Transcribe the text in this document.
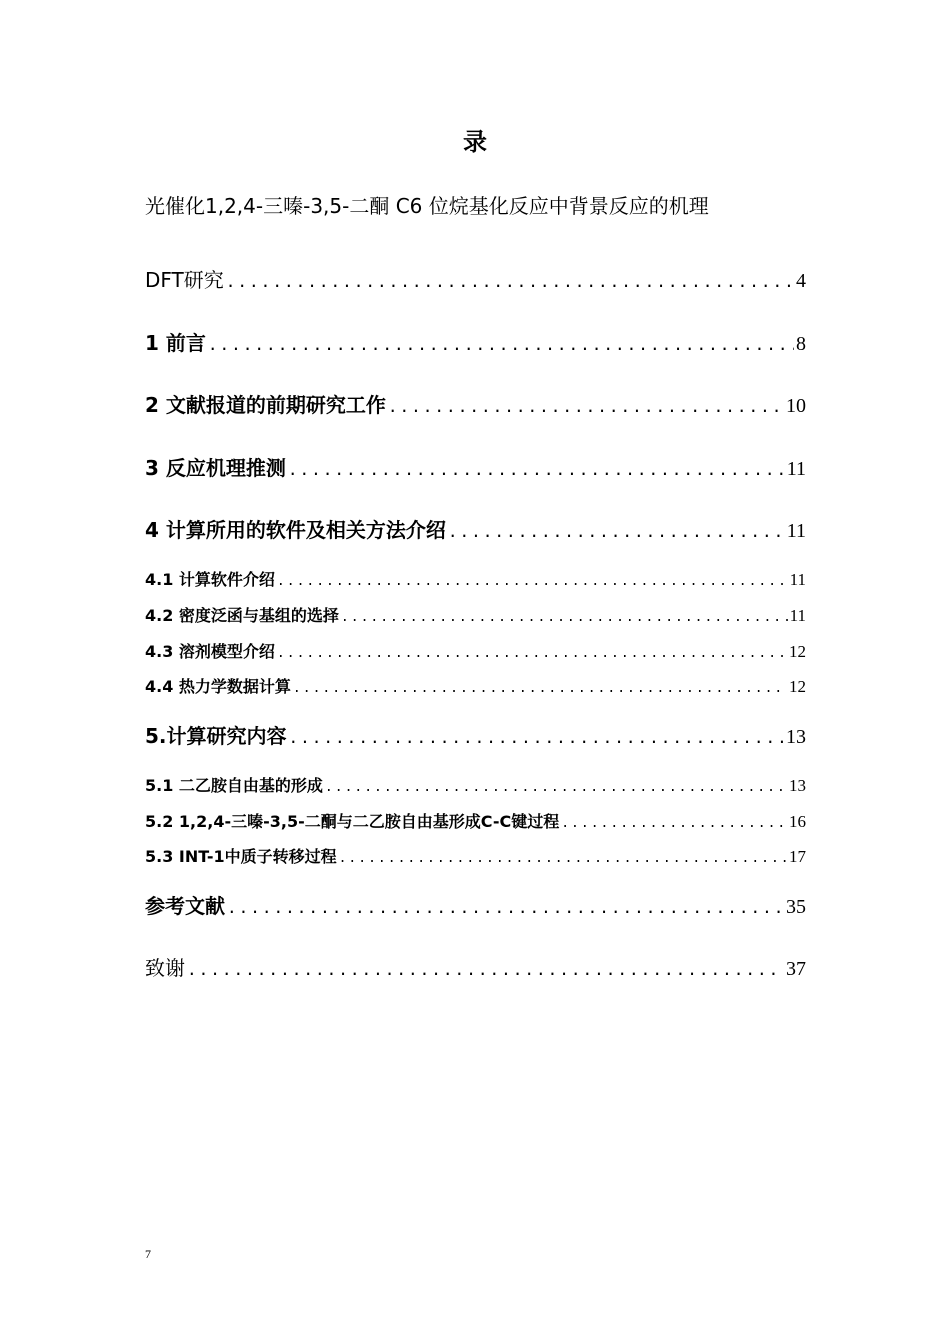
录
光催化1,2,4-三嗪-3,5-二酮 C6 位烷基化反应中背景反应的机理
DFT研究 .....	4
1 前言 .....	8
2 文献报道的前期研究工作 .....	10
3 反应机理推测 .....	11
4 计算所用的软件及相关方法介绍 .....	11
4.1 计算软件介绍 .....	11
4.2 密度泛函与基组的选择 .....	11
4.3 溶剂模型介绍 .....	12
4.4 热力学数据计算 .....	12
5.计算研究内容 .....	13
5.1 二乙胺自由基的形成 .....	13
5.2 1,2,4-三嗪-3,5-二酮与二乙胺自由基形成C-C键过程 .....	16
5.3 INT-1中质子转移过程 .....	17
参考文献 .....	35
致谢 .....	37
7
